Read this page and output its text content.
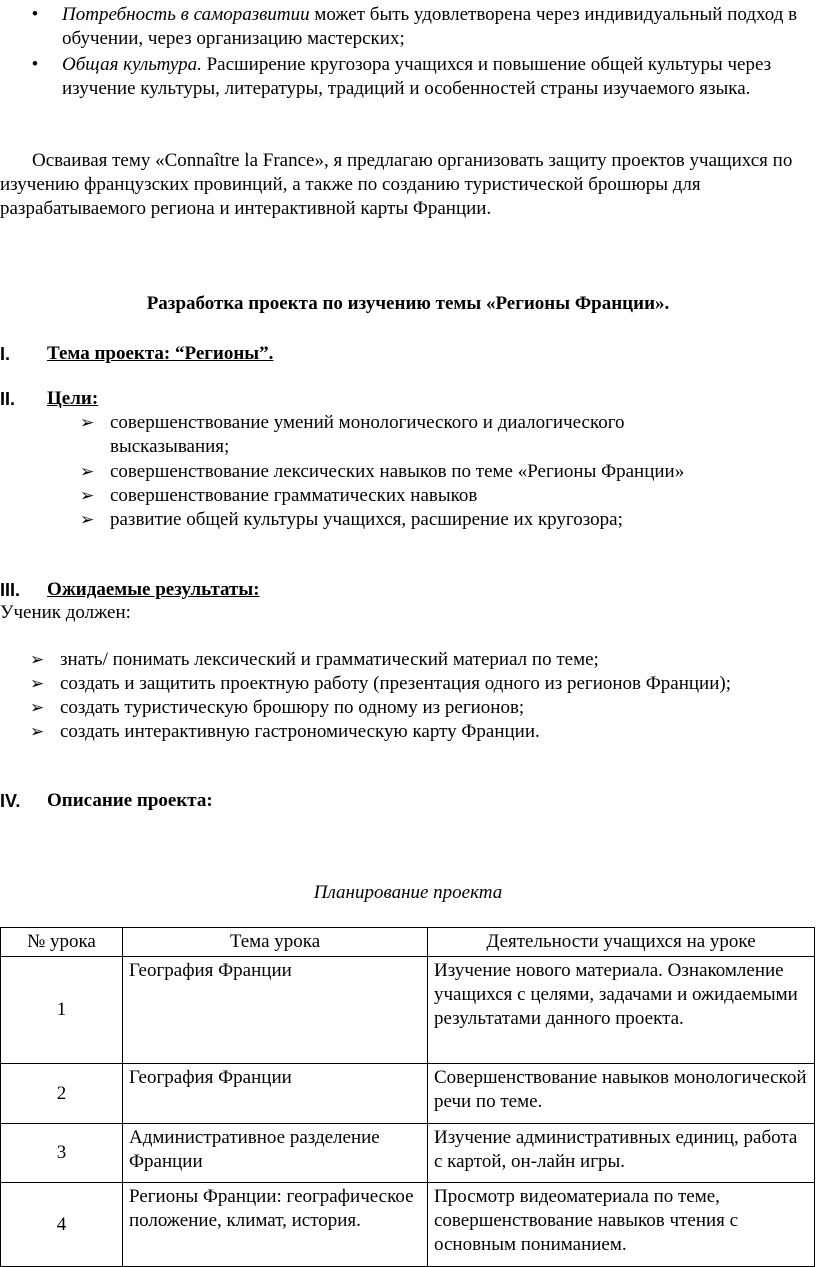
• Потребность в саморазвитии может быть удовлетворена через индивидуальный подход в обучении, через организацию мастерских;
• Общая культура. Расширение кругозора учащихся и повышение общей культуры через изучение культуры, литературы, традиций и особенностей страны изучаемого языка.
Осваивая тему «Connaître la France», я предлагаю организовать защиту проектов учащихся по изучению французских провинций, а также по созданию туристической брошюры для разрабатываемого региона и интерактивной карты Франции.
Разработка проекта по изучению темы «Регионы Франции».
I. Тема проекта: “Регионы”.
II. Цели:
➢ совершенствование умений монологического и диалогического высказывания;
➢ совершенствование лексических навыков по теме «Регионы Франции»
➢ совершенствование грамматических навыков
➢ развитие общей культуры учащихся, расширение их кругозора;
III. Ожидаемые результаты:
Ученик должен:
➢ знать/ понимать лексический и грамматический материал по теме;
➢ создать и защитить проектную работу (презентация одного из регионов Франции);
➢ создать туристическую брошюру по одному из регионов;
➢ создать интерактивную гастрономическую карту Франции.
IV. Описание проекта:
Планирование проекта
№ урока	Тема урока	Деятельности учащихся на уроке
1	География Франции	Изучение нового материала. Ознакомление учащихся с целями, задачами и ожидаемыми результатами данного проекта.
2	География Франции	Совершенствование навыков монологической речи по теме.
3	Административное разделение Франции	Изучение административных единиц, работа с картой, он-лайн игры.
4	Регионы Франции: географическое положение, климат, история.	Просмотр видеоматериала по теме, совершенствование навыков чтения с основным пониманием.
